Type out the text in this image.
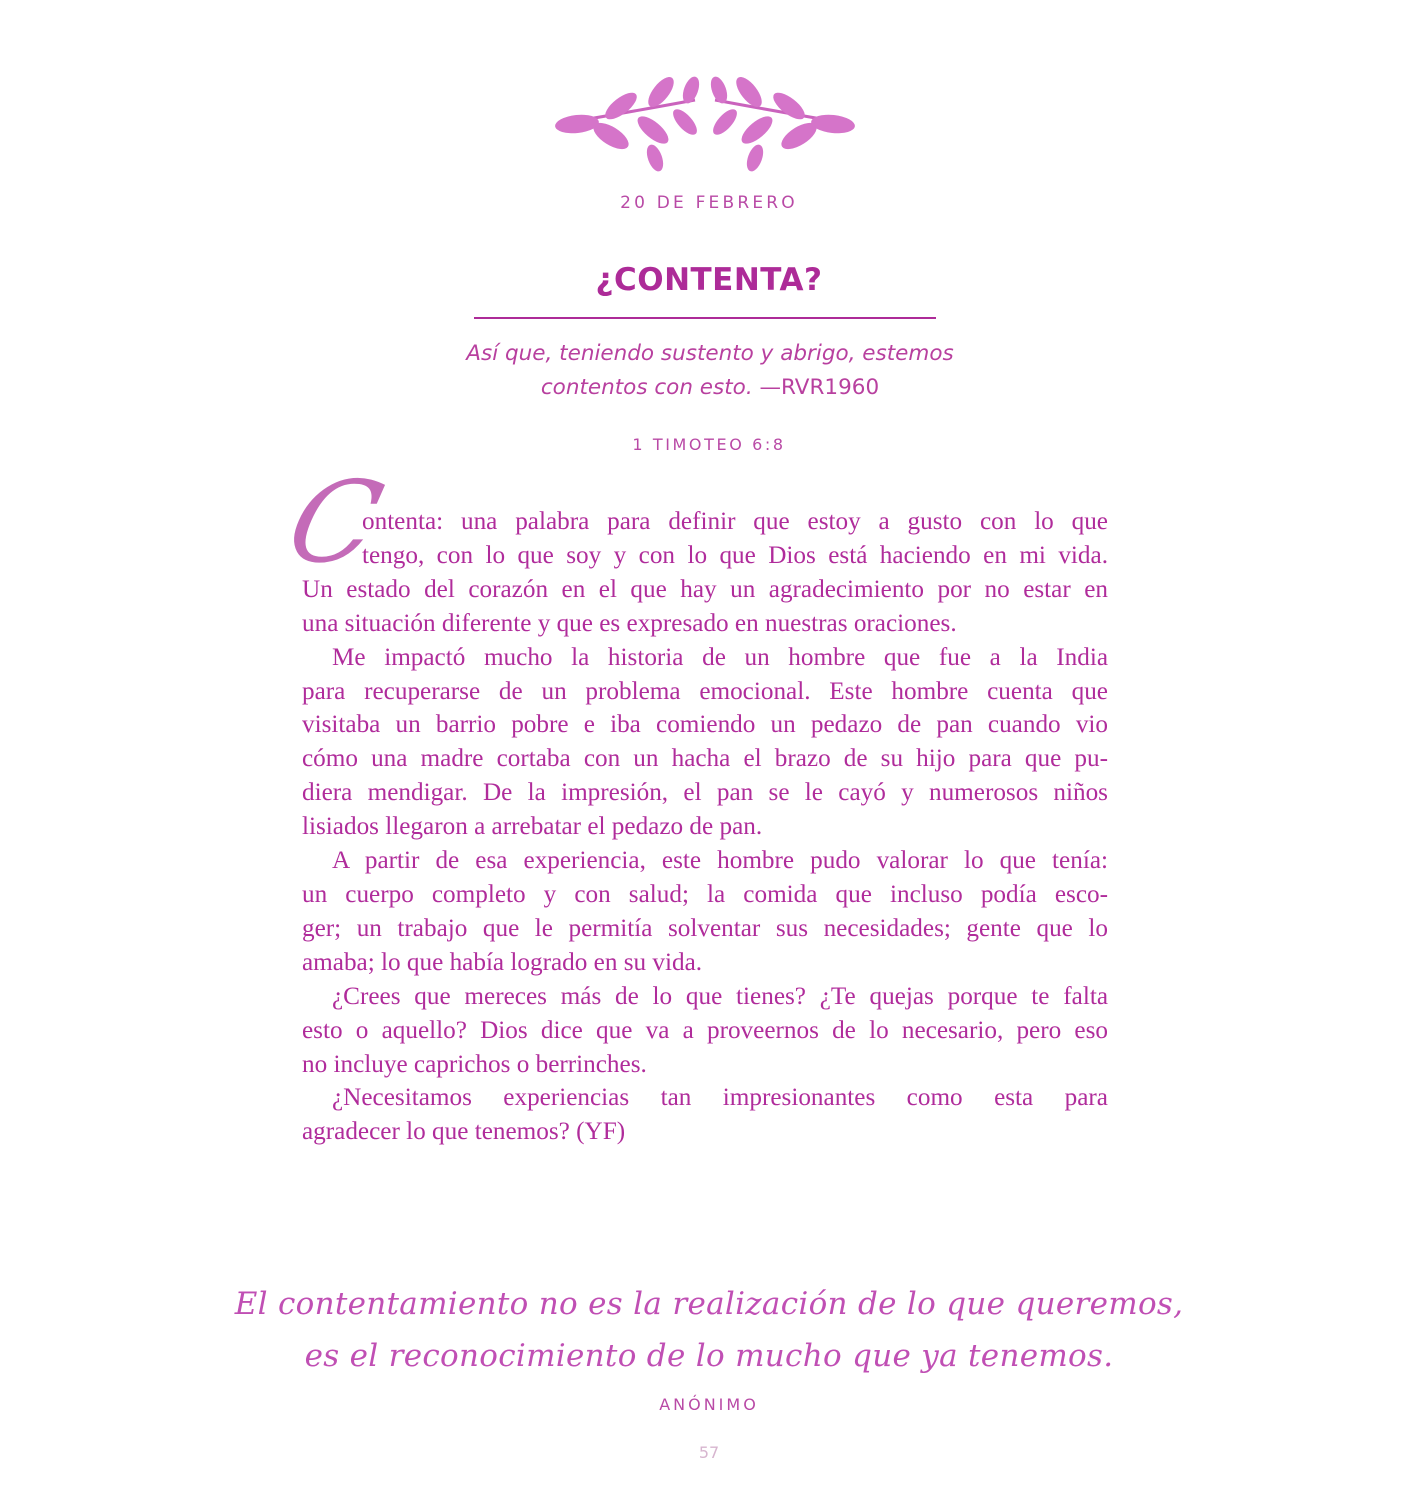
20 DE FEBRERO
¿CONTENTA?
Así que, teniendo sustento y abrigo, estemos
contentos con esto. —RVR1960
1 TIMOTEO 6:8
C
ontenta: una palabra para definir que estoy a gusto con lo que
tengo, con lo que soy y con lo que Dios está haciendo en mi vida.
Un estado del corazón en el que hay un agradecimiento por no estar en
una situación diferente y que es expresado en nuestras oraciones.
Me impactó mucho la historia de un hombre que fue a la India
para recuperarse de un problema emocional. Este hombre cuenta que
visitaba un barrio pobre e iba comiendo un pedazo de pan cuando vio
cómo una madre cortaba con un hacha el brazo de su hijo para que pu-
diera mendigar. De la impresión, el pan se le cayó y numerosos niños
lisiados llegaron a arrebatar el pedazo de pan.
A partir de esa experiencia, este hombre pudo valorar lo que tenía:
un cuerpo completo y con salud; la comida que incluso podía esco-
ger; un trabajo que le permitía solventar sus necesidades; gente que lo
amaba; lo que había logrado en su vida.
¿Crees que mereces más de lo que tienes? ¿Te quejas porque te falta
esto o aquello? Dios dice que va a proveernos de lo necesario, pero eso
no incluye caprichos o berrinches.
¿Necesitamos experiencias tan impresionantes como esta para
agradecer lo que tenemos? (YF)
El contentamiento no es la realización de lo que queremos,
es el reconocimiento de lo mucho que ya tenemos.
ANÓNIMO
57
